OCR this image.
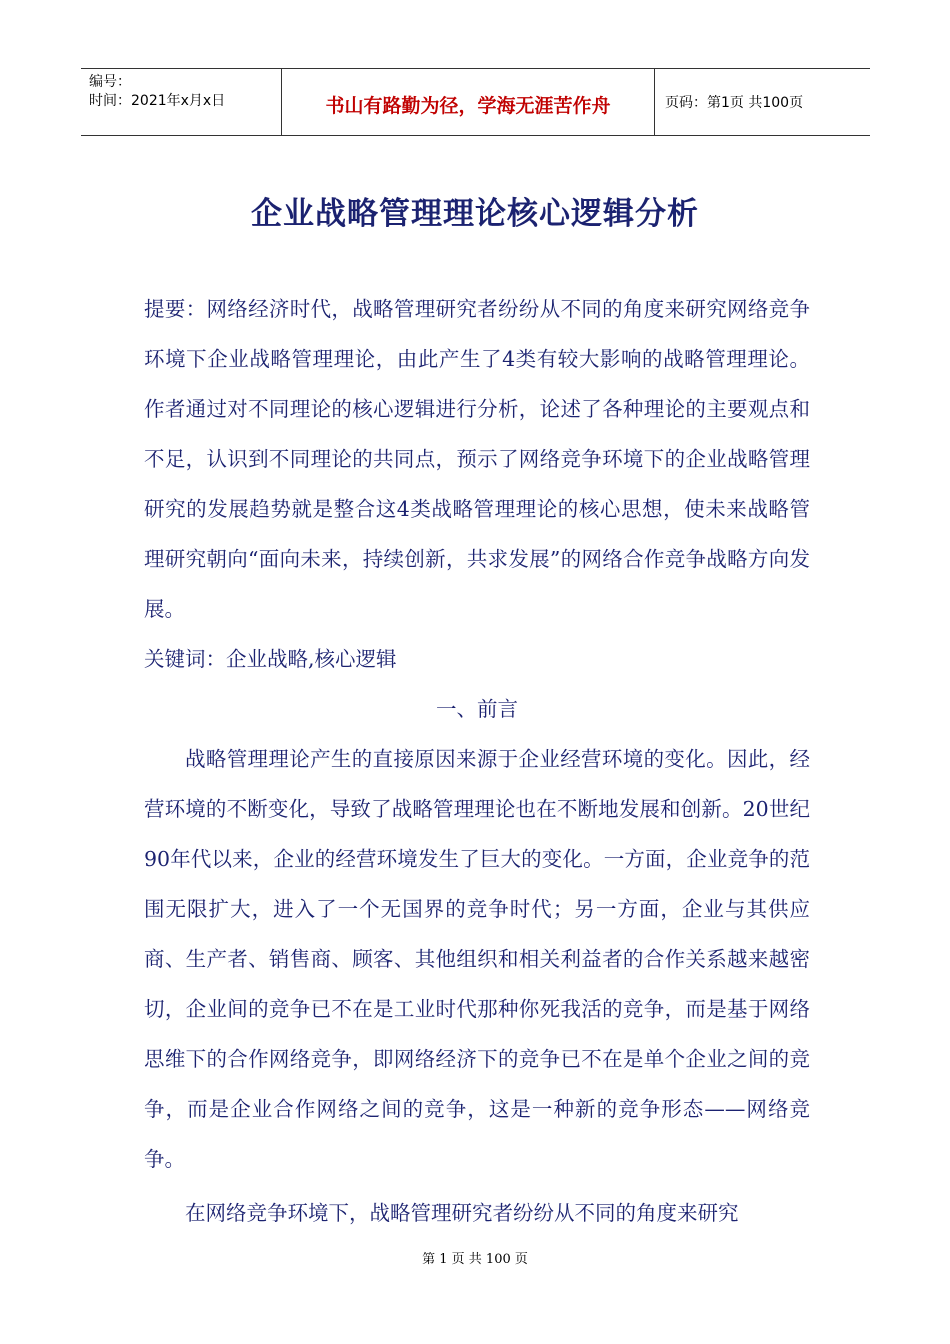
编号：
时间：2021年x月x日	书山有路勤为径，学海无涯苦作舟	页码：第1页 共100页
企业战略管理理论核心逻辑分析

提要：网络经济时代，战略管理研究者纷纷从不同的角度来研究网络竞争环境下企业战略管理理论，由此产生了4类有较大影响的战略管理理论。作者通过对不同理论的核心逻辑进行分析，论述了各种理论的主要观点和不足，认识到不同理论的共同点，预示了网络竞争环境下的企业战略管理研究的发展趋势就是整合这4类战略管理理论的核心思想，使未来战略管理研究朝向“面向未来，持续创新，共求发展”的网络合作竞争战略方向发展。

关键词：企业战略,核心逻辑

一、前言

战略管理理论产生的直接原因来源于企业经营环境的变化。因此，经营环境的不断变化，导致了战略管理理论也在不断地发展和创新。20世纪90年代以来，企业的经营环境发生了巨大的变化。一方面，企业竞争的范围无限扩大，进入了一个无国界的竞争时代；另一方面，企业与其供应商、生产者、销售商、顾客、其他组织和相关利益者的合作关系越来越密切，企业间的竞争已不在是工业时代那种你死我活的竞争，而是基于网络思维下的合作网络竞争，即网络经济下的竞争已不在是单个企业之间的竞争，而是企业合作网络之间的竞争，这是一种新的竞争形态——网络竞争。

在网络竞争环境下，战略管理研究者纷纷从不同的角度来研究

第 1 页 共 100 页
